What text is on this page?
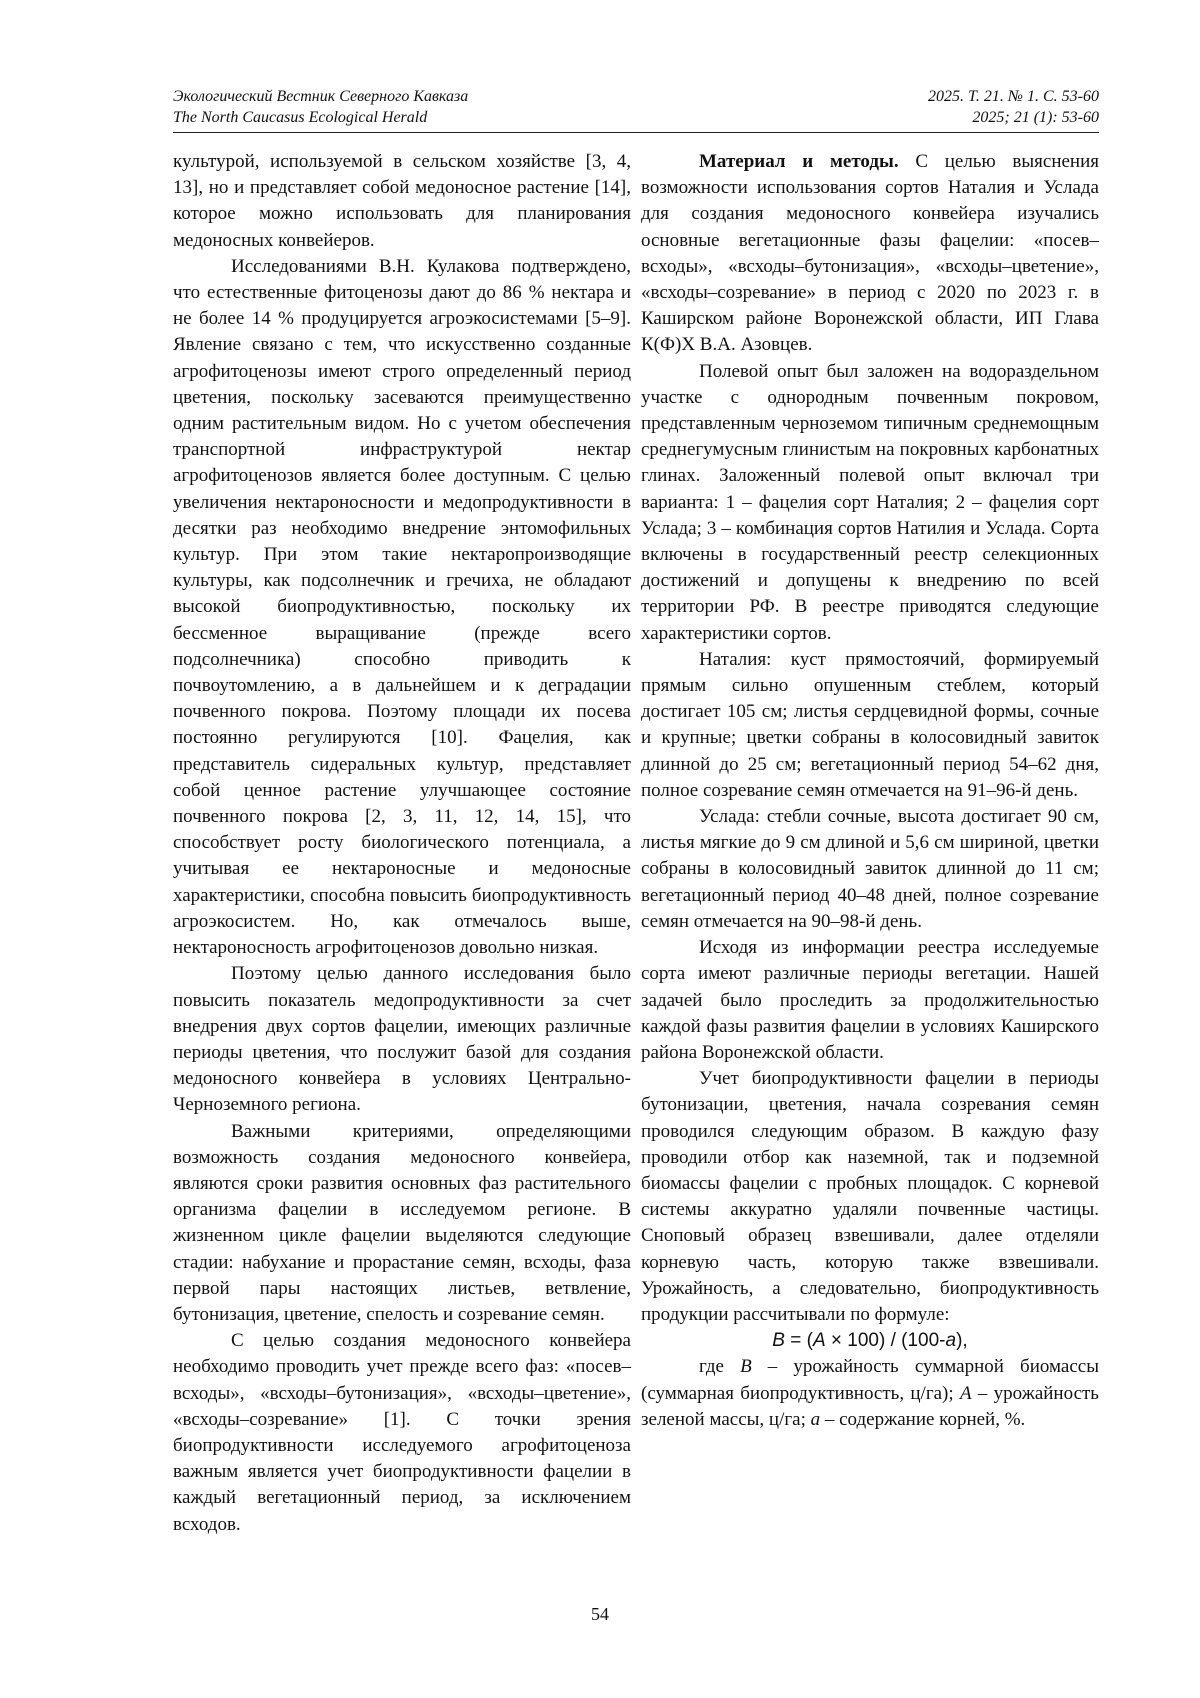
Экологический Вестник Северного Кавказа	2025. Т. 21. № 1. С. 53-60
The North Caucasus Ecological Herald	2025; 21 (1): 53-60

культурой, используемой в сельском хозяйстве [3, 4, 13], но и представляет собой медоносное растение [14], которое можно использовать для планирования медоносных конвейеров.

Исследованиями В.Н. Кулакова подтверждено, что естественные фитоценозы дают до 86 % нектара и не более 14 % продуцируется агроэкосистемами [5–9]. Явление связано с тем, что искусственно созданные агрофитоценозы имеют строго определенный период цветения, поскольку засеваются преимущественно одним растительным видом. Но с учетом обеспечения транспортной инфраструктурой нектар агрофитоценозов является более доступным. С целью увеличения нектароносности и медопродуктивности в десятки раз необходимо внедрение энтомофильных культур. При этом такие нектаропроизводящие культуры, как подсолнечник и гречиха, не обладают высокой биопродуктивностью, поскольку их бессменное выращивание (прежде всего подсолнечника) способно приводить к почвоутомлению, а в дальнейшем и к деградации почвенного покрова. Поэтому площади их посева постоянно регулируются [10]. Фацелия, как представитель сидеральных культур, представляет собой ценное растение улучшающее состояние почвенного покрова [2, 3, 11, 12, 14, 15], что способствует росту биологического потенциала, а учитывая ее нектароносные и медоносные характеристики, способна повысить биопродуктивность агроэкосистем. Но, как отмечалось выше, нектароносность агрофитоценозов довольно низкая.

Поэтому целью данного исследования было повысить показатель медопродуктивности за счет внедрения двух сортов фацелии, имеющих различные периоды цветения, что послужит базой для создания медоносного конвейера в условиях Центрально-Черноземного региона.

Важными критериями, определяющими возможность создания медоносного конвейера, являются сроки развития основных фаз растительного организма фацелии в исследуемом регионе. В жизненном цикле фацелии выделяются следующие стадии: набухание и прорастание семян, всходы, фаза первой пары настоящих листьев, ветвление, бутонизация, цветение, спелость и созревание семян.

С целью создания медоносного конвейера необходимо проводить учет прежде всего фаз: «посев–всходы», «всходы–бутонизация», «всходы–цветение», «всходы–созревание» [1]. С точки зрения биопродуктивности исследуемого агрофитоценоза важным является учет биопродуктивности фацелии в каждый вегетационный период, за исключением всходов.

Материал и методы. С целью выяснения возможности использования сортов Наталия и Услада для создания медоносного конвейера изучались основные вегетационные фазы фацелии: «посев–всходы», «всходы–бутонизация», «всходы–цветение», «всходы–созревание» в период с 2020 по 2023 г. в Каширском районе Воронежской области, ИП Глава К(Ф)Х В.А. Азовцев.

Полевой опыт был заложен на водораздельном участке с однородным почвенным покровом, представленным черноземом типичным среднемощным среднегумусным глинистым на покровных карбонатных глинах. Заложенный полевой опыт включал три варианта: 1 – фацелия сорт Наталия; 2 – фацелия сорт Услада; 3 – комбинация сортов Натилия и Услада. Сорта включены в государственный реестр селекционных достижений и допущены к внедрению по всей территории РФ. В реестре приводятся следующие характеристики сортов.

Наталия: куст прямостоячий, формируемый прямым сильно опушенным стеблем, который достигает 105 см; листья сердцевидной формы, сочные и крупные; цветки собраны в колосовидный завиток длинной до 25 см; вегетационный период 54–62 дня, полное созревание семян отмечается на 91–96-й день.

Услада: стебли сочные, высота достигает 90 см, листья мягкие до 9 см длиной и 5,6 см шириной, цветки собраны в колосовидный завиток длинной до 11 см; вегетационный период 40–48 дней, полное созревание семян отмечается на 90–98-й день.

Исходя из информации реестра исследуемые сорта имеют различные периоды вегетации. Нашей задачей было проследить за продолжительностью каждой фазы развития фацелии в условиях Каширского района Воронежской области.

Учет биопродуктивности фацелии в периоды бутонизации, цветения, начала созревания семян проводился следующим образом. В каждую фазу проводили отбор как наземной, так и подземной биомассы фацелии с пробных площадок. С корневой системы аккуратно удаляли почвенные частицы. Сноповый образец взвешивали, далее отделяли корневую часть, которую также взвешивали. Урожайность, а следовательно, биопродуктивность продукции рассчитывали по формуле:

B = (A × 100) / (100-a),

где B – урожайность суммарной биомассы (суммарная биопродуктивность, ц/га); A – урожайность зеленой массы, ц/га; a – содержание корней, %.

54
